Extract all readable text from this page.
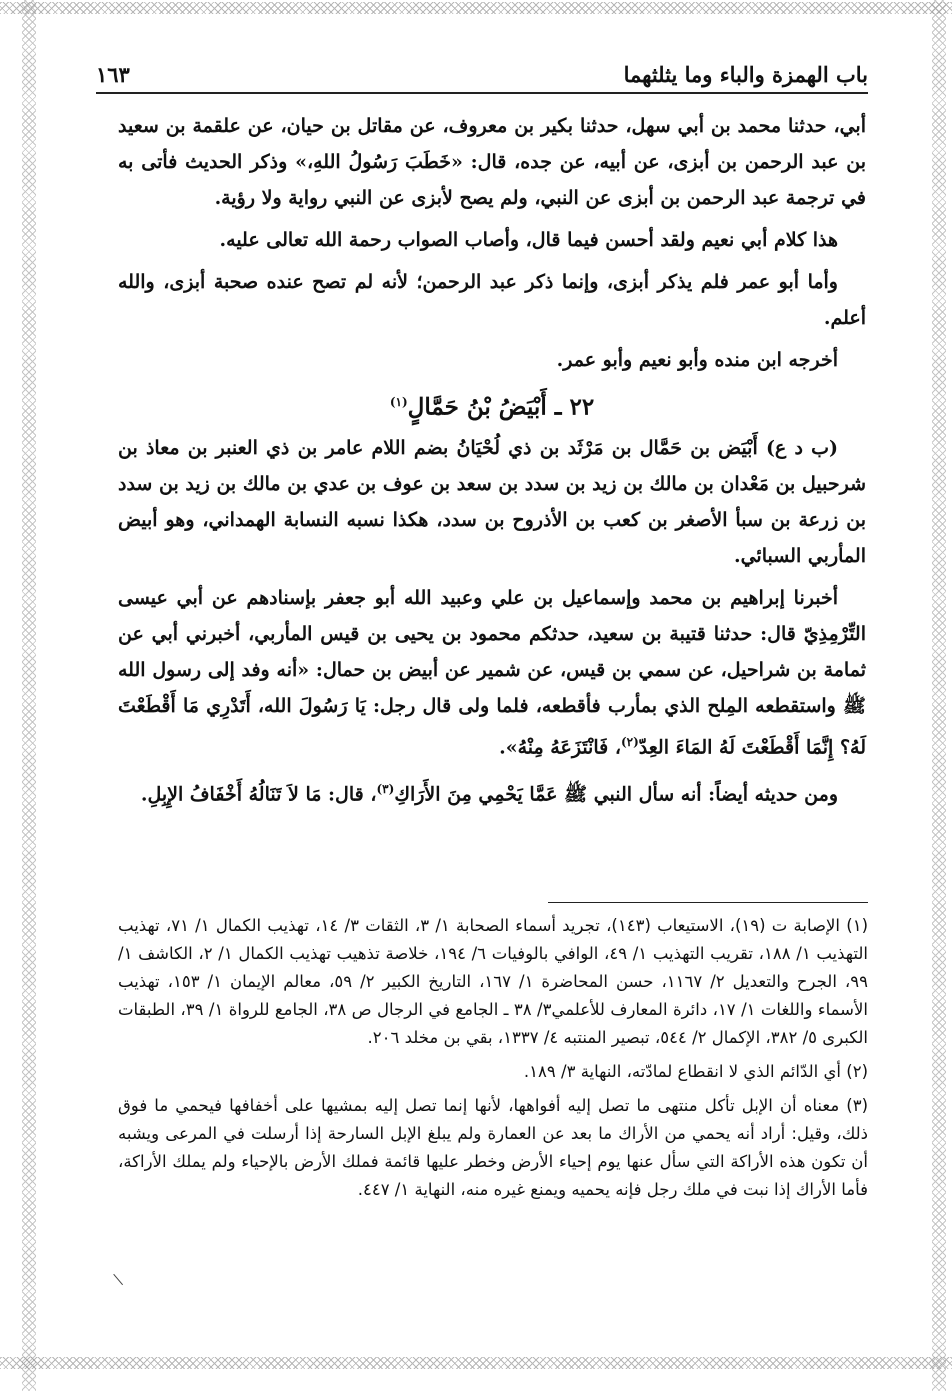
باب الهمزة والباء وما يثلثهما
١٦٣

أبي، حدثنا محمد بن أبي سهل، حدثنا بكير بن معروف، عن مقاتل بن حيان، عن علقمة بن سعيد بن عبد الرحمن بن أبزى، عن أبيه، عن جده، قال: «خَطَبَ رَسُولُ اللهِ،» وذكر الحديث فأتى به في ترجمة عبد الرحمن بن أبزى عن النبي، ولم يصح لأبزى عن النبي رواية ولا رؤية.

هذا كلام أبي نعيم ولقد أحسن فيما قال، وأصاب الصواب رحمة الله تعالى عليه.

وأما أبو عمر فلم يذكر أبزى، وإنما ذكر عبد الرحمن؛ لأنه لم تصح عنده صحبة أبزى، والله أعلم.

أخرجه ابن منده وأبو نعيم وأبو عمر.

٢٢ ـ أَبْيَضُ بْنُ حَمَّالٍ$^{(١)}$

(ب د ع) أَبْيَض بن حَمَّال بن مَرْثَد بن ذي لُحْيَانُ بضم اللام عامر بن ذي العنبر بن معاذ بن شرحبيل بن مَعْدان بن مالك بن زيد بن سدد بن سعد بن عوف بن عدي بن مالك بن زيد بن سدد بن زرعة بن سبأ الأصغر بن كعب بن الأذروح بن سدد، هكذا نسبه النسابة الهمداني، وهو أبيض المأربي السبائي.

أخبرنا إبراهيم بن محمد وإسماعيل بن علي وعبيد الله أبو جعفر بإسنادهم عن أبي عيسى التِّرْمِذِيّ قال: حدثنا قتيبة بن سعيد، حدثكم محمود بن يحيى بن قيس المأربي، أخبرني أبي عن ثمامة بن شراحيل، عن سمي بن قيس، عن شمير عن أبيض بن حمال: «أنه وفد إلى رسول الله ﷺ واستقطعه المِلح الذي بمأرب فأقطعه، فلما ولى قال رجل: يَا رَسُولَ الله، أَتَدْرِي مَا أَقْطَعْتَ لَهُ؟ إِنَّمَا أَقْطَعْتَ لَهُ المَاءَ العِدّ$^{(٢)}$، فَانْتَزَعَهُ مِنْهُ».

ومن حديثه أيضاً: أنه سأل النبي ﷺ عَمَّا يَحْمِي مِنَ الأَرَاكِ$^{(٣)}$، قال: مَا لاَ تَنَالُهُ أَخْفَافُ الإِبِلِ.

(١) الإصابة ت (١٩)، الاستيعاب (١٤٣)، تجريد أسماء الصحابة ١/ ٣، الثقات ٣/ ١٤، تهذيب الكمال ١/ ٧١، تهذيب التهذيب ١/ ١٨٨، تقريب التهذيب ١/ ٤٩، الوافي بالوفيات ٦/ ١٩٤، خلاصة تذهيب تهذيب الكمال ١/ ٢، الكاشف ١/ ٩٩، الجرح والتعديل ٢/ ١١٦٧، حسن المحاضرة ١/ ١٦٧، التاريخ الكبير ٢/ ٥٩، معالم الإيمان ١/ ١٥٣، تهذيب الأسماء واللغات ١/ ١٧، دائرة المعارف للأعلمي٣/ ٣٨ ـ الجامع في الرجال ص ٣٨، الجامع للرواة ١/ ٣٩، الطبقات الكبرى ٥/ ٣٨٢، الإكمال ٢/ ٥٤٤، تبصير المنتبه ٤/ ١٣٣٧، بقي بن مخلد ٢٠٦.

(٢) أي الدّائم الذي لا انقطاع لمادّته، النهاية ٣/ ١٨٩.

(٣) معناه أن الإبل تأكل منتهى ما تصل إليه أفواهها، لأنها إنما تصل إليه بمشيها على أخفافها فيحمي ما فوق ذلك، وقيل: أراد أنه يحمي من الأراك ما بعد عن العمارة ولم يبلغ الإبل السارحة إذا أرسلت في المرعى ويشبه أن تكون هذه الأراكة التي سأل عنها يوم إحياء الأرض وخطر عليها قائمة فملك الأرض بالإحياء ولم يملك الأراكة، فأما الأراك إذا نبت في ملك رجل فإنه يحميه ويمنع غيره منه، النهاية ١/ ٤٤٧.
